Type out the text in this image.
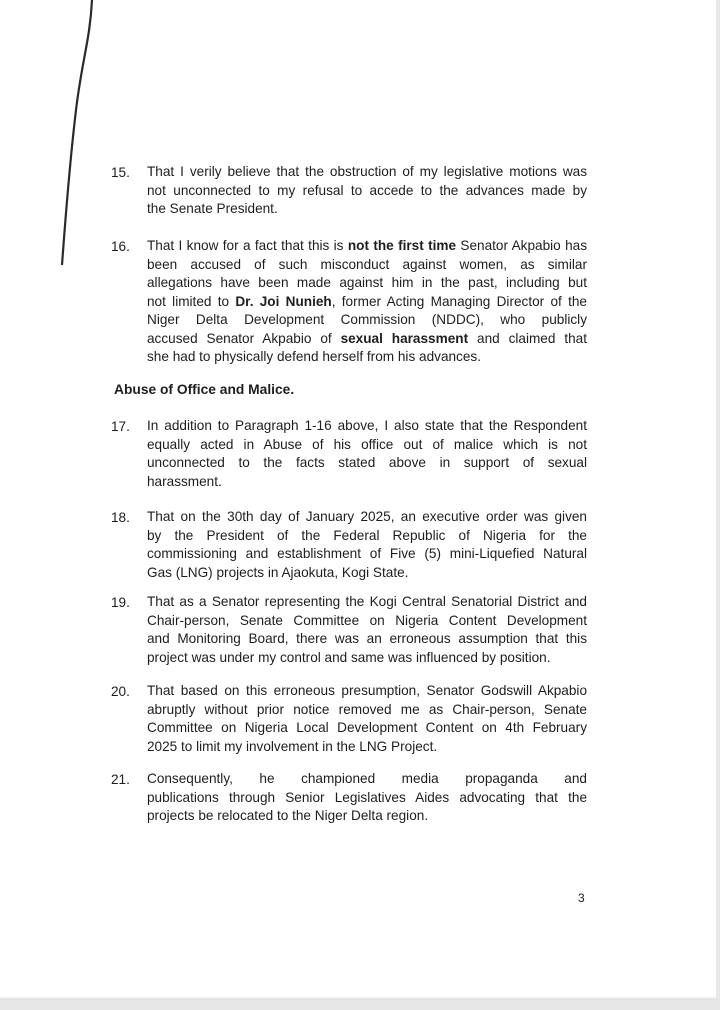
15.	That I verily believe that the obstruction of my legislative motions was
not unconnected to my refusal to accede to the advances made by
the Senate President.
16.	That I know for a fact that this is not the first time Senator Akpabio has
been accused of such misconduct against women, as similar
allegations have been made against him in the past, including but
not limited to Dr. Joi Nunieh, former Acting Managing Director of the
Niger Delta Development Commission (NDDC), who publicly
accused Senator Akpabio of sexual harassment and claimed that
she had to physically defend herself from his advances.
Abuse of Office and Malice.
17.	In addition to Paragraph 1-16 above, I also state that the Respondent
equally acted in Abuse of his office out of malice which is not
unconnected to the facts stated above in support of sexual
harassment.
18.	That on the 30th day of January 2025, an executive order was given
by the President of the Federal Republic of Nigeria for the
commissioning and establishment of Five (5) mini-Liquefied Natural
Gas (LNG) projects in Ajaokuta, Kogi State.
19.	That as a Senator representing the Kogi Central Senatorial District and
Chair-person, Senate Committee on Nigeria Content Development
and Monitoring Board, there was an erroneous assumption that this
project was under my control and same was influenced by position.
20.	That based on this erroneous presumption, Senator Godswill Akpabio
abruptly without prior notice removed me as Chair-person, Senate
Committee on Nigeria Local Development Content on 4th February
2025 to limit my involvement in the LNG Project.
21.	Consequently, he championed media propaganda and
publications through Senior Legislatives Aides advocating that the
projects be relocated to the Niger Delta region.
3
